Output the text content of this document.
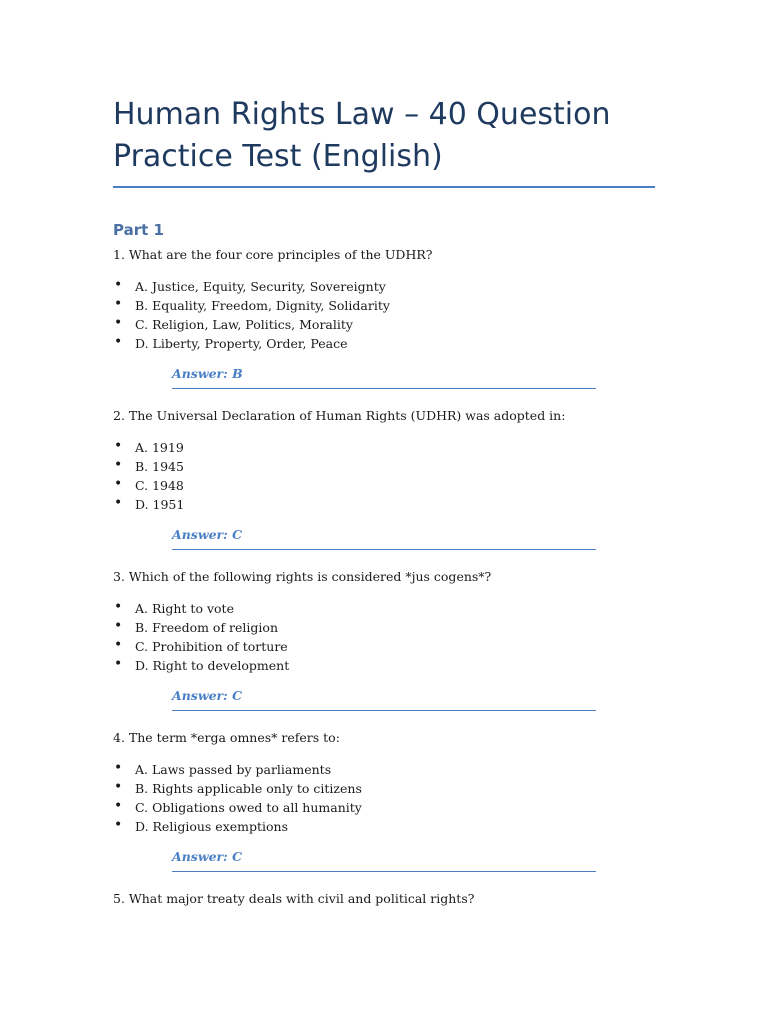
Human Rights Law – 40 Question Practice Test (English)
Part 1

1. What are the four core principles of the UDHR?

• A. Justice, Equity, Security, Sovereignty
• B. Equality, Freedom, Dignity, Solidarity
• C. Religion, Law, Politics, Morality
• D. Liberty, Property, Order, Peace
Answer: B

2. The Universal Declaration of Human Rights (UDHR) was adopted in:

• A. 1919
• B. 1945
• C. 1948
• D. 1951
Answer: C

3. Which of the following rights is considered *jus cogens*?

• A. Right to vote
• B. Freedom of religion
• C. Prohibition of torture
• D. Right to development
Answer: C

4. The term *erga omnes* refers to:

• A. Laws passed by parliaments
• B. Rights applicable only to citizens
• C. Obligations owed to all humanity
• D. Religious exemptions
Answer: C

5. What major treaty deals with civil and political rights?
